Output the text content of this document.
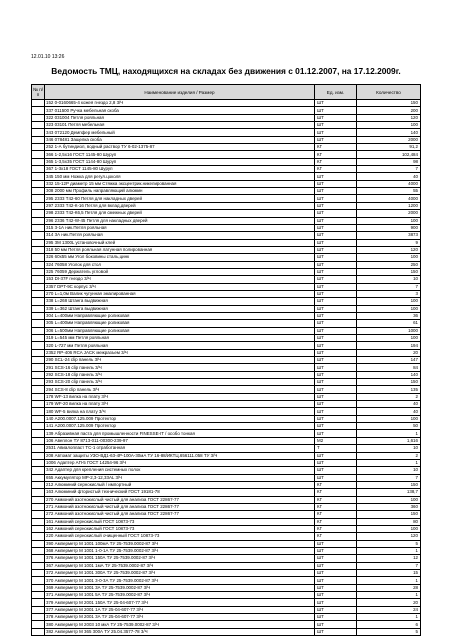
12.01.10 13:26
Ведомость ТМЦ, находящихся на складах без движения с 01.12.2007, на 17.12.2009г.
№ п/п	Наименование изделия / Размер	Ед. изм.	Количество
	152 0-0160665-4 кожея гнездо 2,8 3/Ч	ШТ	150
	337 011500 Ручка мебельная скоба	ШТ	200
	322 031004 Петля рояльная	ШТ	120
	323 03101 Петля мебельная	ШТ	100
	343 072120 Демпфер мебельный	ШТ	140
	346 078481 Защелка скоба	ШТ	2000
	252 1-А бутиндиол, водный раствор ТУ 6-02-1375-87	КГ	91,2
	366 1-2,5х16 ГОСТ 1145-80 Шуруп	КГ	102,484
	365 1-3,5х35 ГОСТ 1144-80 Шуруп	КГ	98
	367 1-3х18 ГОСТ 1145-80 Шуруп	КГ	7
	345 150 мм Ножка для регул.цоколя	ШТ	40
	332 15-12P диаметр 15 мм Стяжка эксцентрик.никелированная	ШТ	4000
	308 2000 мм Профиль направляющий алюмин	ШТ	55
	295 2333 Т42-60 Петля для накладных дверей	ШТ	4000
	297 2333 Т42-К-16 Петля для вклад.дверей	ШТ	1200
	298 2333 Т42-К6,5 Петля для смежных дверей	ШТ	2000
	296 2336 Т42-W-45 Петля для накладных дверей	ШТ	100
	315 3-1А ник.Петля рояльная	ШТ	900
	314 3А ник.Петля рояльная	ШТ	3873
	295 3M 1300L установочный клей	ШТ	9
	318 50 мм Петля рояльная латунная полированная	ШТ	120
	326 60х55 мм Угол боковины сталь,цинк	ШТ	100
	324 76058 Уголок для стол	ШТ	250
	325 76059 Держатель угловой	ШТ	150
	153 DI-37F гнездо 3/Ч	ШТ	10
	2357 DPT-9C корпус 3/Ч	ШТ	7
	270 L=1,0м Валик чугунная эмалированная	ШТ	3
	338 L=268 Штанга выдвижная	ШТ	100
	339 L=362 Штанга выдвижная	ШТ	100
	304 L=400мм Направляющие роликовая	ШТ	36
	305 L=400мм Направляющие роликовая	ШТ	61
	306 L=500мм Направляющие роликовая	ШТ	1000
	319 L=545 мм Петля рояльная	ШТ	100
	320 L-727 мм Петля рояльная	ШТ	194
	2352 RP-406 RCA JACK межразъем 3/Ч	ШТ	20
	290 SCL-24 clip панель 3/Ч	ШТ	147
	291 SCS-16 clip панель 3/Ч	ШТ	84
	292 SCS-18 clip панель 3/Ч	ШТ	140
	293 SCS-20 clip панель 3/Ч	ШТ	150
	294 SCS-8 clip панель 3/Ч	ШТ	135
	178 WF-13 вилка на плату 3/Ч	ШТ	2
	179 WF-20 вилка на плату 3/Ч	ШТ	40
	180 WF-5 вилка на плату 3/Ч	ШТ	40
	140 А200.0007.125.009 Протектор	ШТ	100
	141 А200.0007.125.009 Протектор	ШТ	50
	139 Абразивная паста для промышленности FINESSE-IT / особо тонкая	ШТ	1
	106 Авеплон ТУ 8713-011-00300-239-97	М2	1,616
	2531 Авиалопласт ТС-1 отработанная	Т	10
	208 Автомат защиты УЗО-ВД1-63-4Р-100А-30мА ТУ 16-88/ИКТЦ.656111.058 ТУ 3/Ч	ШТ	2
	1006 Адаптер АП-5 ГОСТ 14254-96 3/Ч	ШТ	1
	342 Адаптер для крепления системных полок	ШТ	10
	655 Аккумулятор МР-2,3-12,33AL 3/Ч	ШТ	7
	212 Алюминий сернокислый / импортный	КГ	150
	163 Алюминий фтористый технический ГОСТ 19181-78	КГ	138,7
	270 Аммоний азотнокислый чистый для анализа ГОСТ 22867-77	КГ	100
	271 Аммоний азотнокислый чистый для анализа ГОСТ 22867-77	КГ	360
	272 Аммоний азотнокислый чистый для анализа ГОСТ 22867-77	КГ	150
	161 Аммоний сернокислый ГОСТ 10873-73	КГ	80
	162 Аммоний сернокислый ГОСТ 10873-73	КГ	100
	220 Аммоний сернокислый очищенный ГОСТ 10873-73	КГ	120
	390 Амперметр М 1001 100мА ТУ 25-7539.0002-87 3/Ч	ШТ	5
	368 Амперметр М 1001 1-0-1А ТУ 25-7539.0002-87 3/Ч	ШТ	1
	376 Амперметр М 1001 150А ТУ 25-7539.0002-87 3/Ч	ШТ	12
	367 Амперметр М 1001 1мА ТУ 25-7539.0002-87 3/Ч	ШТ	7
	372 Амперметр М 1001 300А ТУ 25-7539.0002-87 3/Ч	ШТ	15
	370 Амперметр М 1001 3-0-3А ТУ 25-7539.0002-87 3/Ч	ШТ	1
	369 Амперметр М 1001 3А ТУ 25-7539.0002-87 3/Ч	ШТ	28
	371 Амперметр М 1001 5А ТУ 25-7539.0002-87 3/Ч	ШТ	1
	379 Амперметр М 2001 150А ТУ 25-04-607-77 3/Ч	ШТ	20
	377 Амперметр М 2001 1А ТУ 25-04-607-77 3/Ч	ШТ	24
	378 Амперметр М 2001 3А ТУ 25-04-607-77 3/Ч	ШТ	1
	380 Амперметр М 2003 10 мкА ТУ 25-7539.0002-87 3/Ч	ШТ	6
	382 Амперметр М 365 300А ТУ 25.04.3577-78 3/Ч	ШТ	5
